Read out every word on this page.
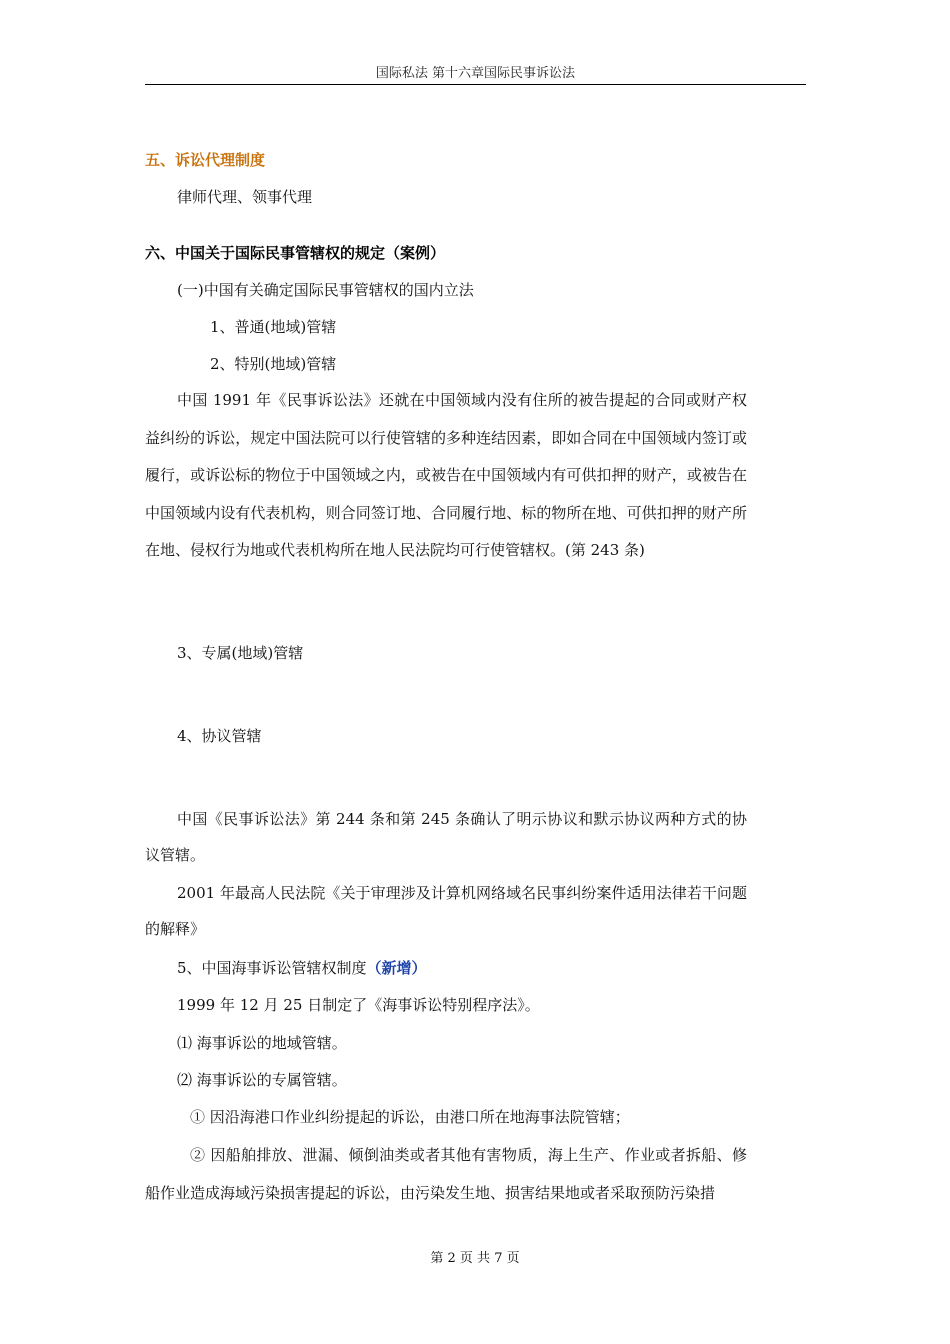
国际私法 第十六章国际民事诉讼法
五、诉讼代理制度
律师代理、领事代理
六、中国关于国际民事管辖权的规定（案例）
(一)中国有关确定国际民事管辖权的国内立法
1、普通(地域)管辖
2、特别(地域)管辖
中国 1991 年《民事诉讼法》还就在中国领域内没有住所的被告提起的合同或财产权益纠纷的诉讼，规定中国法院可以行使管辖的多种连结因素，即如合同在中国领域内签订或履行，或诉讼标的物位于中国领域之内，或被告在中国领域内有可供扣押的财产，或被告在中国领域内设有代表机构，则合同签订地、合同履行地、标的物所在地、可供扣押的财产所在地、侵权行为地或代表机构所在地人民法院均可行使管辖权。(第 243 条)
3、专属(地域)管辖
4、协议管辖
中国《民事诉讼法》第 244 条和第 245 条确认了明示协议和默示协议两种方式的协议管辖。
2001 年最高人民法院《关于审理涉及计算机网络域名民事纠纷案件适用法律若干问题的解释》
5、中国海事诉讼管辖权制度（新增）
1999 年 12 月 25 日制定了《海事诉讼特别程序法》。
⑴ 海事诉讼的地域管辖。
⑵ 海事诉讼的专属管辖。
① 因沿海港口作业纠纷提起的诉讼，由港口所在地海事法院管辖；
② 因船舶排放、泄漏、倾倒油类或者其他有害物质，海上生产、作业或者拆船、修船作业造成海域污染损害提起的诉讼，由污染发生地、损害结果地或者采取预防污染措
第 2 页 共 7 页
